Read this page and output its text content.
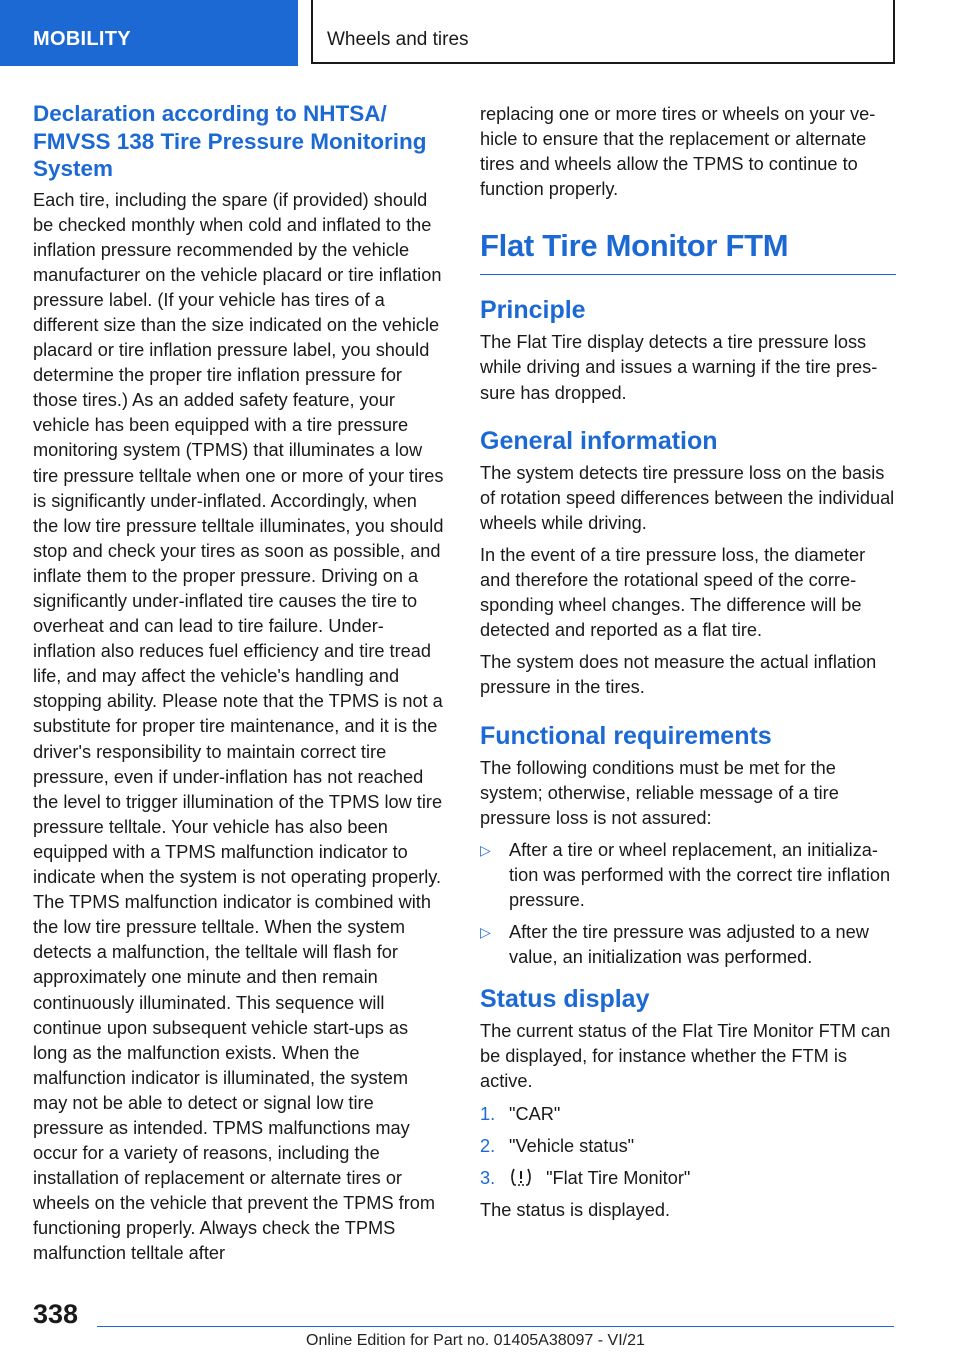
MOBILITY	Wheels and tires
Declaration according to NHTSA/ FMVSS 138 Tire Pressure Monitoring System

Each tire, including the spare (if provided) should be checked monthly when cold and inflated to the inflation pressure recommended by the vehicle manufacturer on the vehicle placard or tire inflation pressure label. (If your vehicle has tires of a different size than the size indicated on the vehicle placard or tire inflation pressure label, you should determine the proper tire inflation pressure for those tires.) As an added safety feature, your vehicle has been equipped with a tire pressure monitoring system (TPMS) that illuminates a low tire pressure telltale when one or more of your tires is significantly under-inflated. Accordingly, when the low tire pressure telltale illuminates, you should stop and check your tires as soon as possible, and inflate them to the proper pressure. Driving on a significantly under-inflated tire causes the tire to overheat and can lead to tire failure. Under-inflation also reduces fuel efficiency and tire tread life, and may affect the vehicle's handling and stopping ability. Please note that the TPMS is not a substitute for proper tire maintenance, and it is the driver's responsibility to maintain correct tire pressure, even if under-inflation has not reached the level to trigger illumination of the TPMS low tire pressure telltale. Your vehicle has also been equipped with a TPMS malfunction indicator to indicate when the system is not operating properly. The TPMS malfunction indicator is combined with the low tire pressure telltale. When the system detects a malfunction, the telltale will flash for approximately one minute and then remain continuously illuminated. This sequence will continue upon subsequent vehicle start-ups as long as the malfunction exists. When the malfunction indicator is illuminated, the system may not be able to detect or signal low tire pressure as intended. TPMS malfunctions may occur for a variety of reasons, including the installation of replacement or alternate tires or wheels on the vehicle that prevent the TPMS from functioning properly. Always check the TPMS malfunction telltale after

replacing one or more tires or wheels on your vehicle to ensure that the replacement or alternate tires and wheels allow the TPMS to continue to function properly.

Flat Tire Monitor FTM
Principle

The Flat Tire display detects a tire pressure loss while driving and issues a warning if the tire pressure has dropped.

General information

The system detects tire pressure loss on the basis of rotation speed differences between the individual wheels while driving.

In the event of a tire pressure loss, the diameter and therefore the rotational speed of the corresponding wheel changes. The difference will be detected and reported as a flat tire.

The system does not measure the actual inflation pressure in the tires.

Functional requirements

The following conditions must be met for the system; otherwise, reliable message of a tire pressure loss is not assured:

▷ After a tire or wheel replacement, an initialization was performed with the correct tire inflation pressure.
▷ After the tire pressure was adjusted to a new value, an initialization was performed.
Status display

The current status of the Flat Tire Monitor FTM can be displayed, for instance whether the FTM is active.

1. "CAR"
2. "Vehicle status"
3.	"Flat Tire Monitor"

The status is displayed.

338
Online Edition for Part no. 01405A38097 - VI/21
